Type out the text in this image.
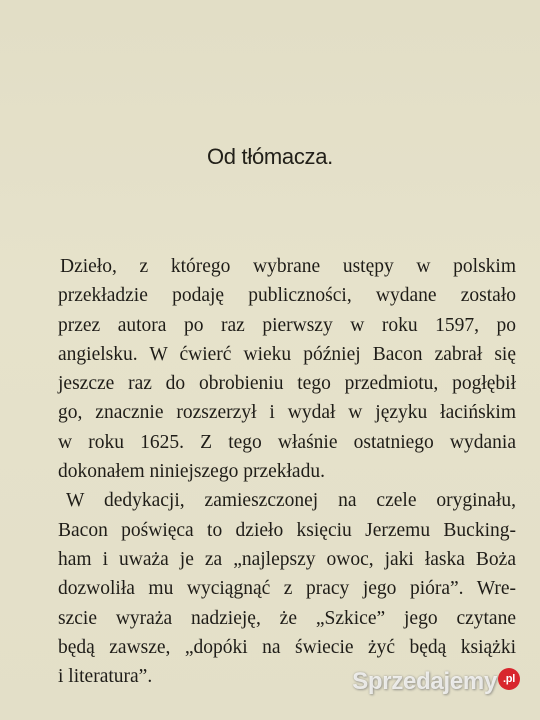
Od tłómacza.
Dzieło, z którego wybrane ustępy w polskim
przekładzie podaję publiczności, wydane zostało
przez autora po raz pierwszy w roku 1597, po
angielsku. W ćwierć wieku później Bacon zabrał się
jeszcze raz do obrobieniu tego przedmiotu, pogłębił
go, znacznie rozszerzył i wydał w języku łacińskim
w roku 1625. Z tego właśnie ostatniego wydania
dokonałem niniejszego przekładu.
W dedykacji, zamieszczonej na czele oryginału,
Bacon poświęca to dzieło księciu Jerzemu Bucking-
ham i uważa je za „najlepszy owoc, jaki łaska Boża
dozwoliła mu wyciągnąć z pracy jego pióra”. Wre-
szcie wyraża nadzieję, że „Szkice” jego czytane
będą zawsze, „dopóki na świecie żyć będą książki
i literatura”.	Sprzedajemy .pl
